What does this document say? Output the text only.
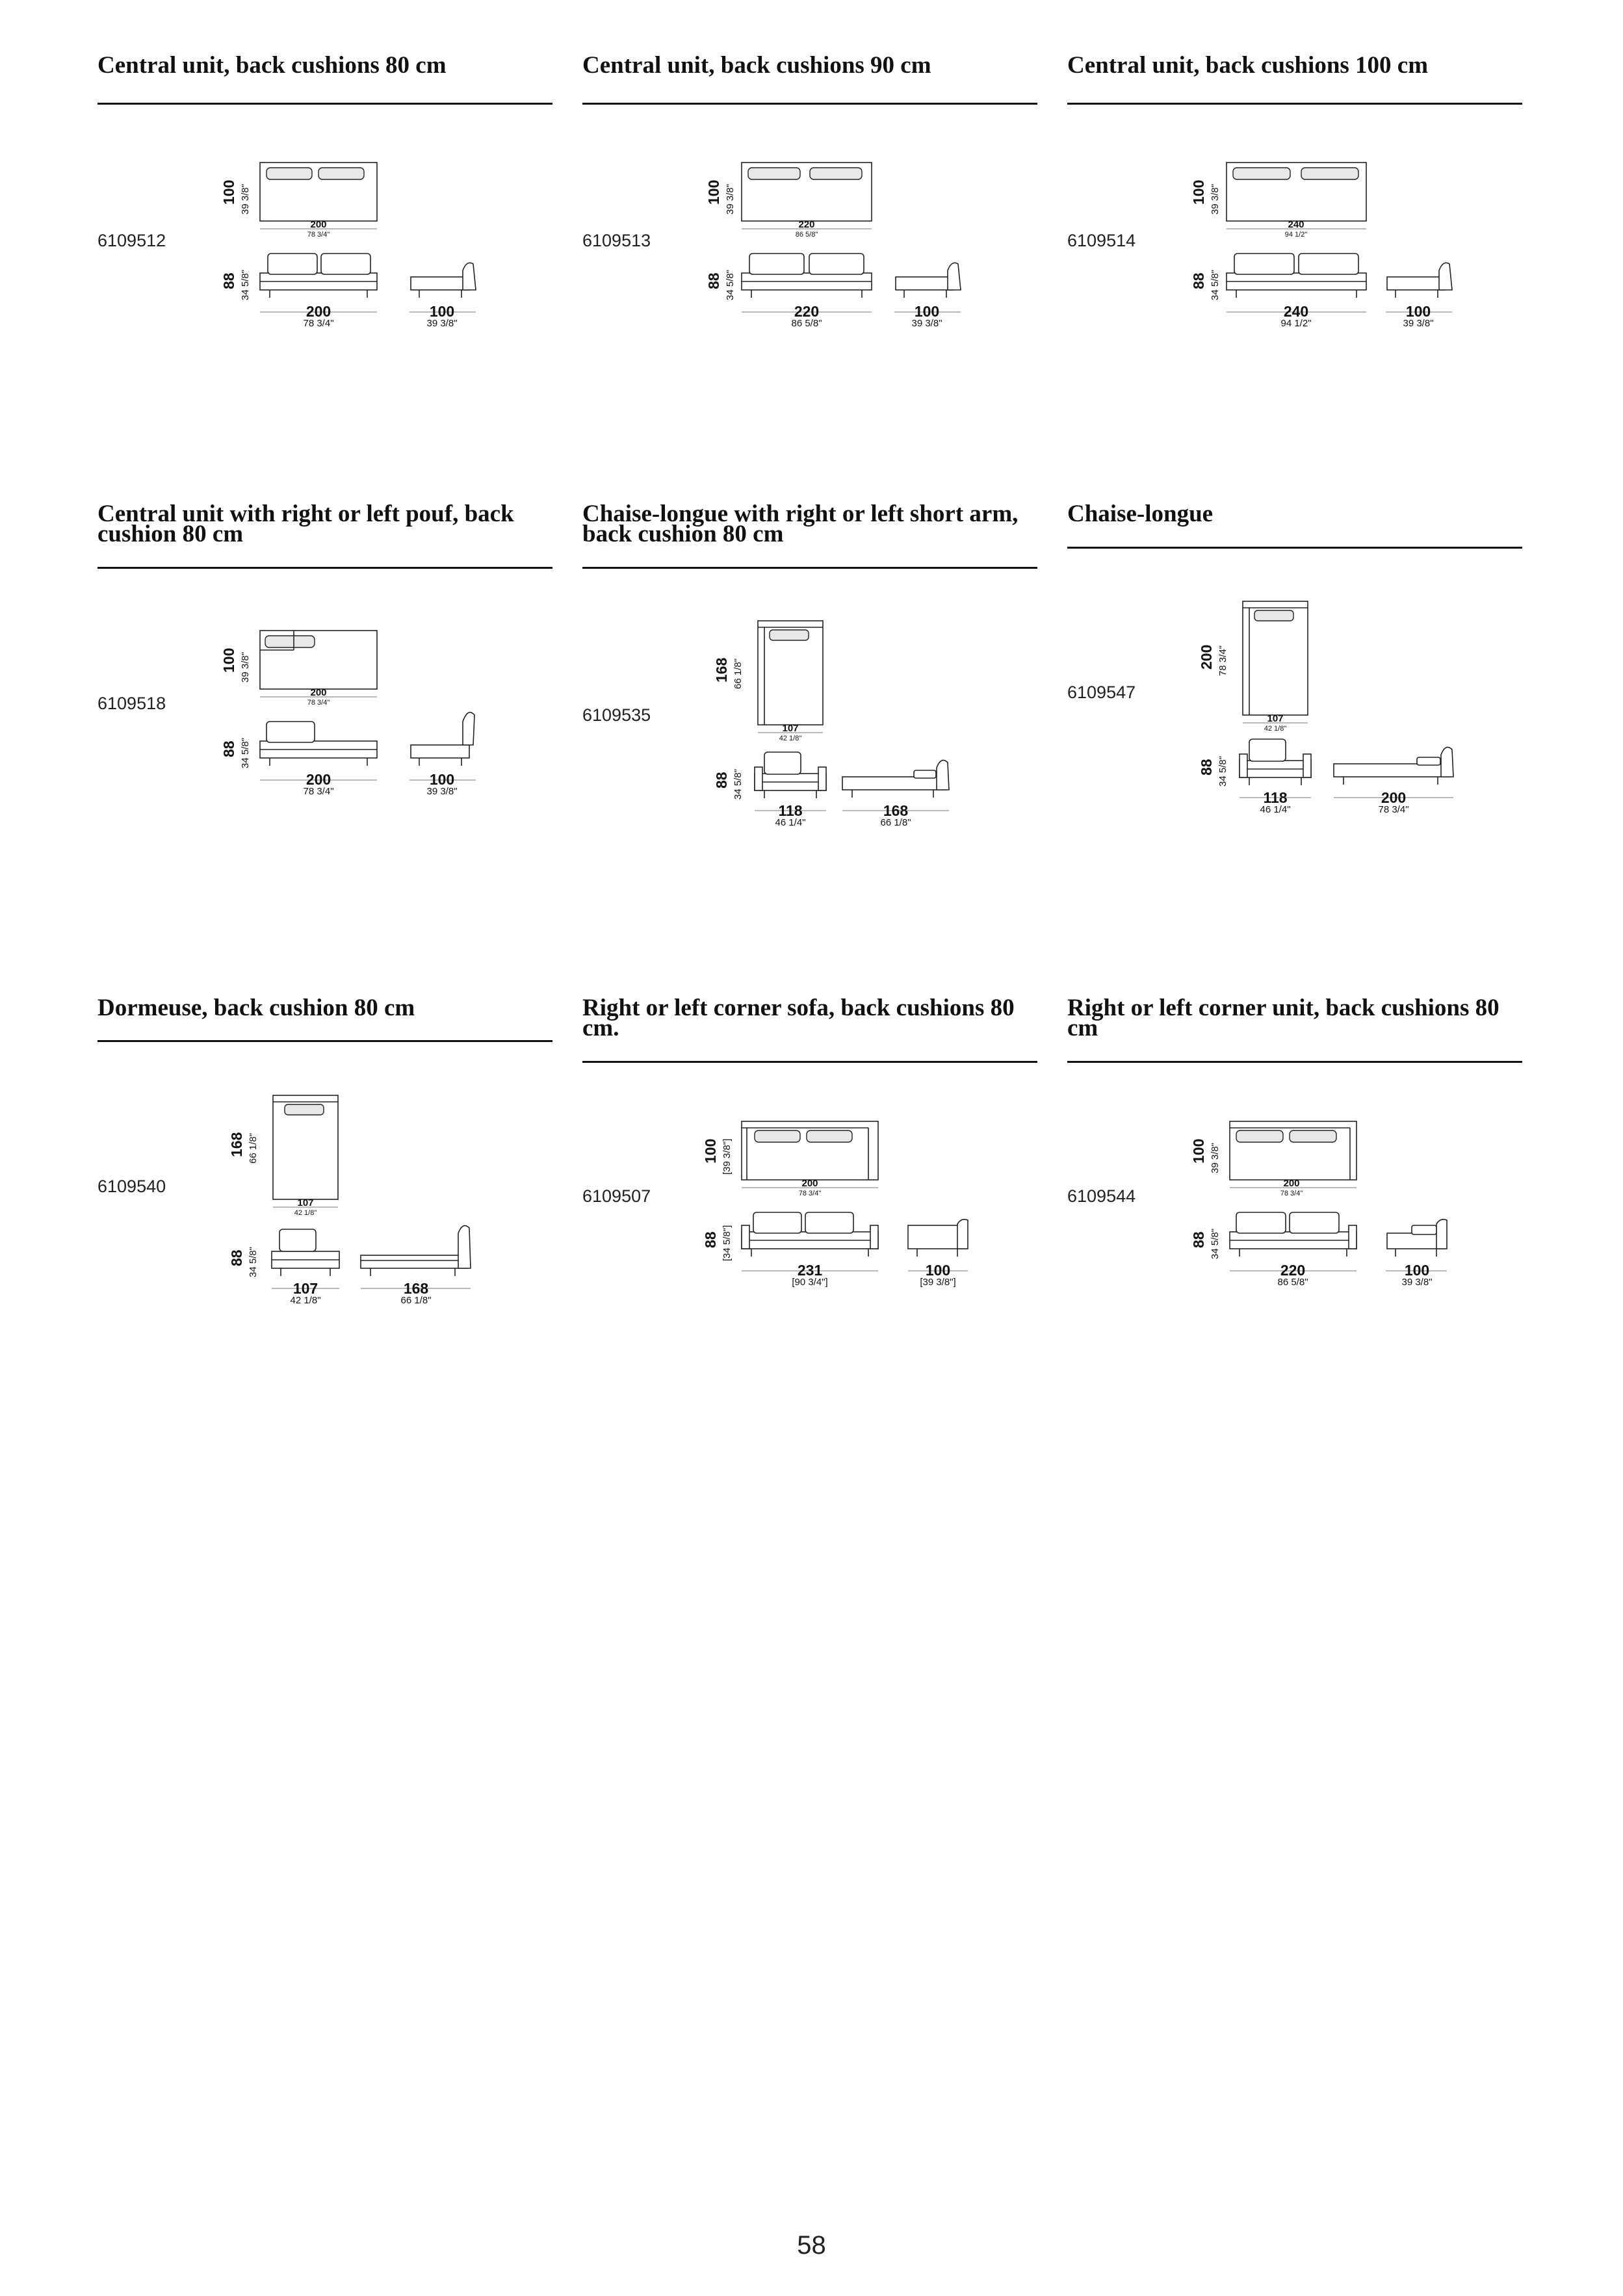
Central unit, back cushions 80 cm
6109512
100 39 3/8"
200
78 3/4"
88 34 5/8"
200
78 3/4"
100
39 3/8"
Central unit, back cushions 90 cm
6109513
100 39 3/8"
220
86 5/8"
88 34 5/8"
220
86 5/8"
100
39 3/8"
Central unit, back cushions 100 cm
6109514
100 39 3/8"
240
94 1/2"
88 34 5/8"
240
94 1/2"
100
39 3/8"
Central unit with right or left pouf, back cushion 80 cm
6109518
100 39 3/8"
200
78 3/4"
88 34 5/8"
200
78 3/4"
100
39 3/8"
Chaise-longue with right or left short arm, back cushion 80 cm
6109535
168 66 1/8"
107
42 1/8"
88 34 5/8"
118
46 1/4"
168
66 1/8"
Chaise-longue
6109547
200 78 3/4"
107
42 1/8"
88 34 5/8"
118
46 1/4"
200
78 3/4"
Dormeuse, back cushion 80 cm
6109540
168 66 1/8"
107
42 1/8"
88 34 5/8"
107
42 1/8"
168
66 1/8"
Right or left corner sofa, back cushions 80 cm.
6109507
100 [39 3/8"]
200
78 3/4"
88 [34 5/8"]
231
[90 3/4"]
100
[39 3/8"]
Right or left corner unit, back cushions 80 cm
6109544
100 39 3/8"
200
78 3/4"
88 34 5/8"
220
86 5/8"
100
39 3/8"
58
